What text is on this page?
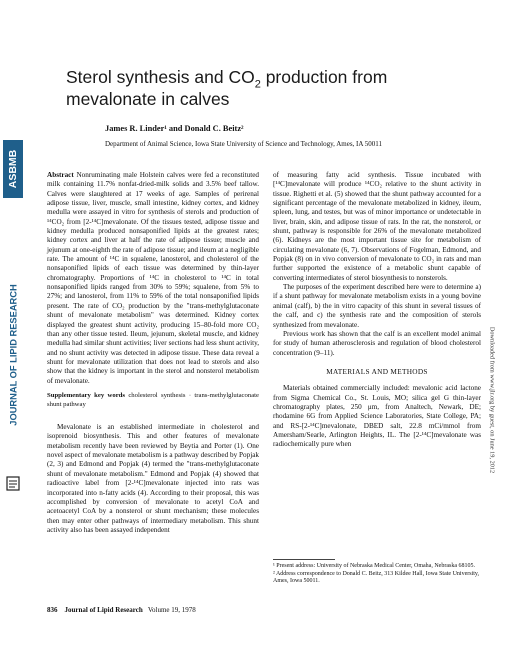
Sterol synthesis and $CO_2$ production from
mevalonate in calves
James R. Linder¹ and Donald C. Beitz²
Department of Animal Science, Iowa State University of Science and Technology, Ames, IA 50011
ASBMB
JOURNAL OF LIPID RESEARCH

Abstract Nonruminating male Holstein calves were fed a reconstituted milk containing 11.7% nonfat-dried-milk solids and 3.5% beef tallow. Calves were slaughtered at 17 weeks of age. Samples of perirenal adipose tissue, liver, muscle, small intestine, kidney cortex, and kidney medulla were assayed in vitro for synthesis of sterols and production of ¹⁴CO₂ from [2-¹⁴C]mevalonate. Of the tissues tested, adipose tissue and kidney medulla produced nonsaponified lipids at the greatest rates; kidney cortex and liver at half the rate of adipose tissue; muscle and jejunum at one-eighth the rate of adipose tissue; and ileum at a negligible rate. The amount of ¹⁴C in squalene, lanosterol, and cholesterol of the nonsaponified lipids of each tissue was determined by thin-layer chromatography. Proportions of ¹⁴C in cholesterol to ¹⁴C in total nonsaponified lipids ranged from 30% to 59%; squalene, from 5% to 27%; and lanosterol, from 11% to 59% of the total nonsaponified lipids present. The rate of CO₂ production by the "trans-methylglutaconate shunt of mevalonate metabolism" was determined. Kidney cortex displayed the greatest shunt activity, producing 15–80-fold more CO₂ than any other tissue tested. Ileum, jejunum, skeletal muscle, and kidney medulla had similar shunt activities; liver sections had less shunt activity, and no shunt activity was detected in adipose tissue. These data reveal a shunt for mevalonate utilization that does not lead to sterols and also show that the kidney is important in the sterol and nonsterol metabolism of mevalonate.

Supplementary key words cholesterol synthesis · trans-methylglutaconate shunt pathway

Mevalonate is an established intermediate in cholesterol and isoprenoid biosynthesis. This and other features of mevalonate metabolism recently have been reviewed by Beytia and Porter (1). One novel aspect of mevalonate metabolism is a pathway described by Popjak (2, 3) and Edmond and Popjak (4) termed the "trans-methylglutaconate shunt of mevalonate metabolism." Edmond and Popjak (4) showed that radioactive label from [2-¹⁴C]mevalonate injected into rats was incorporated into n-fatty acids (4). According to their proposal, this was accomplished by conversion of mevalonate to acetyl CoA and acetoacetyl CoA by a nonsterol or shunt mechanism; these molecules then may enter other pathways of intermediary metabolism. This shunt activity also has been assayed independent

of measuring fatty acid synthesis. Tissue incubated with [¹⁴C]mevalonate will produce ¹⁴CO₂ relative to the shunt activity in tissue. Righetti et al. (5) showed that the shunt pathway accounted for a significant percentage of the mevalonate metabolized in kidney, ileum, spleen, lung, and testes, but was of minor importance or undetectable in liver, brain, skin, and adipose tissue of rats. In the rat, the nonsterol, or shunt, pathway is responsible for 26% of the mevalonate metabolized (6). Kidneys are the most important tissue site for metabolism of circulating mevalonate (6, 7). Observations of Fogelman, Edmond, and Popjak (8) on in vivo conversion of mevalonate to CO₂ in rats and man further supported the existence of a metabolic shunt capable of converting intermediates of sterol biosynthesis to nonsterols.

The purposes of the experiment described here were to determine a) if a shunt pathway for mevalonate metabolism exists in a young bovine animal (calf), b) the in vitro capacity of this shunt in several tissues of the calf, and c) the synthesis rate and the composition of sterols synthesized from mevalonate.

Previous work has shown that the calf is an excellent model animal for study of human atherosclerosis and regulation of blood cholesterol concentration (9–11).

MATERIALS AND METHODS

Materials obtained commercially included: mevalonic acid lactone from Sigma Chemical Co., St. Louis, MO; silica gel G thin-layer chromatography plates, 250 μm, from Analtech, Newark, DE; rhodamine 6G from Applied Science Laboratories, State College, PA; and RS-[2-¹⁴C]mevalonate, DBED salt, 22.8 mCi/mmol from Amersham/Searle, Arlington Heights, IL. The [2-¹⁴C]mevalonate was radiochemically pure when	Downloaded from www.jlr.org by guest, on June 19, 2012

¹ Present address: University of Nebraska Medical Center, Omaha, Nebraska 68105.

² Address correspondence to Donald C. Beitz, 313 Kildee Hall, Iowa State University, Ames, Iowa 50011.

836 Journal of Lipid Research Volume 19, 1978
